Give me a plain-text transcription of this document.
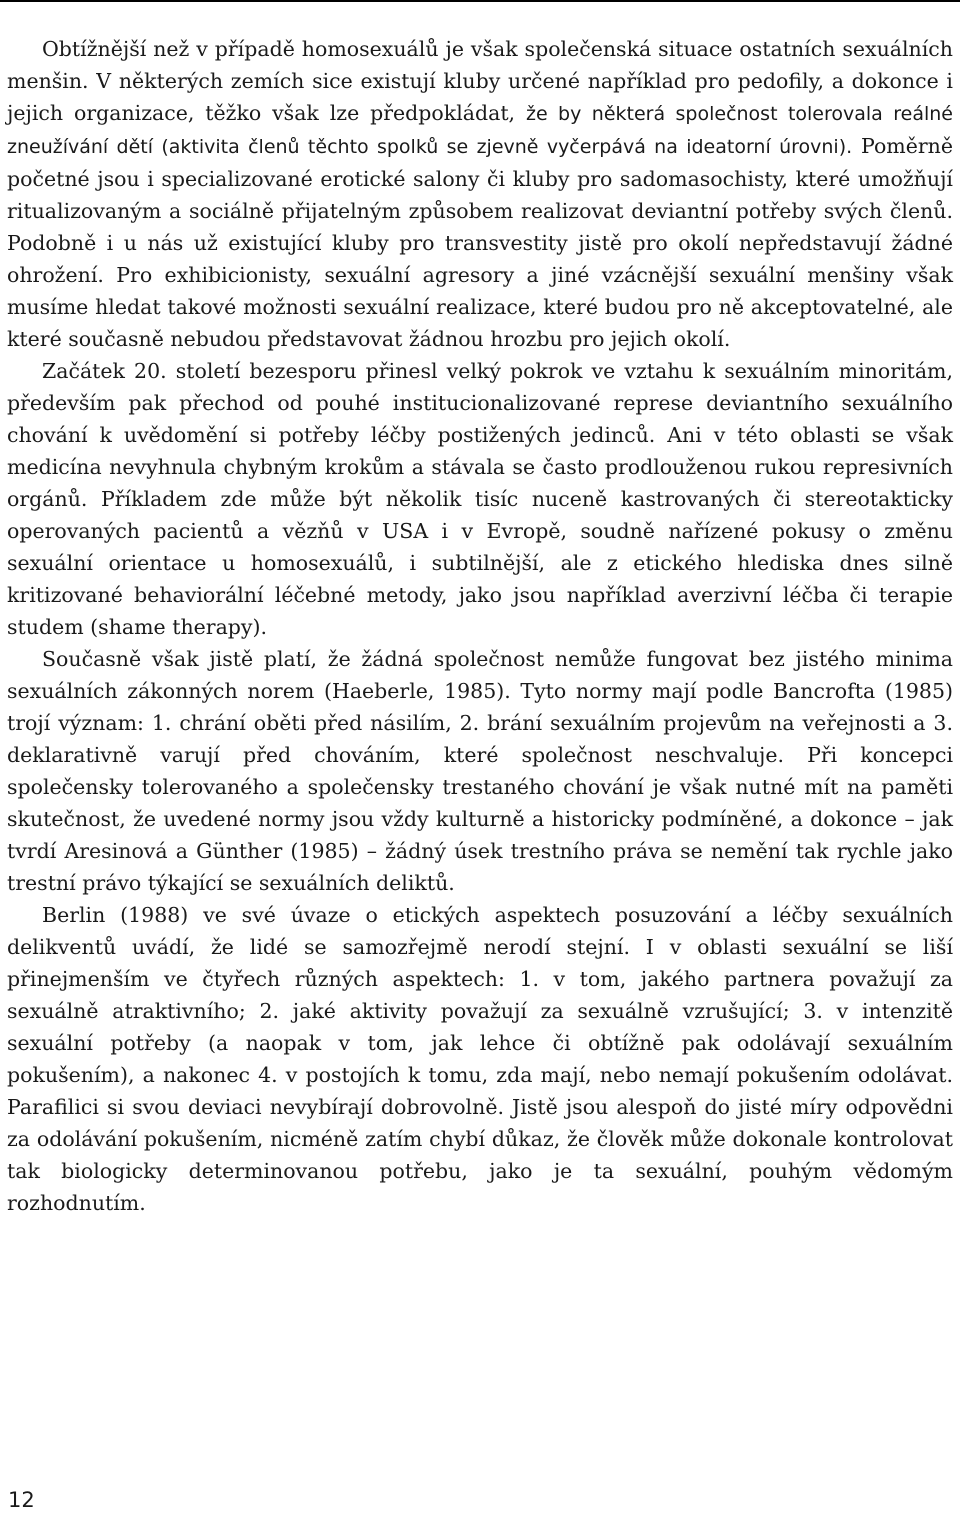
Obtížnější než v případě homosexuálů je však společenská situace ostatních sexuálních menšin. V některých zemích sice existují kluby určené například pro pedofily, a dokonce i jejich organizace, těžko však lze předpokládat, že by některá společnost tolerovala reálné zneužívání dětí (aktivita členů těchto spolků se zjevně vyčerpává na ideatorní úrovni). Poměrně početné jsou i specializované erotické salony či kluby pro sadomasochisty, které umožňují ritualizovaným a sociálně přijatelným způsobem realizovat deviantní potřeby svých členů. Podobně i u nás už existující kluby pro transvestity jistě pro okolí nepředstavují žádné ohrožení. Pro exhibicionisty, sexuální agresory a jiné vzácnější sexuální menšiny však musíme hledat takové možnosti sexuální realizace, které budou pro ně akceptovatelné, ale které současně nebudou představovat žádnou hrozbu pro jejich okolí.

Začátek 20. století bezesporu přinesl velký pokrok ve vztahu k sexuálním minoritám, především pak přechod od pouhé institucionalizované represe deviantního sexuálního chování k uvědomění si potřeby léčby postižených jedinců. Ani v této oblasti se však medicína nevyhnula chybným krokům a stávala se často prodlouženou rukou represivních orgánů. Příkladem zde může být několik tisíc nuceně kastrovaných či stereotakticky operovaných pacientů a vězňů v USA i v Evropě, soudně nařízené pokusy o změnu sexuální orientace u homosexuálů, i subtilnější, ale z etického hlediska dnes silně kritizované behaviorální léčebné metody, jako jsou například averzivní léčba či terapie studem (shame therapy).

Současně však jistě platí, že žádná společnost nemůže fungovat bez jistého minima sexuálních zákonných norem (Haeberle, 1985). Tyto normy mají podle Bancrofta (1985) trojí význam: 1. chrání oběti před násilím, 2. brání sexuálním projevům na veřejnosti a 3. deklarativně varují před chováním, které společnost neschvaluje. Při koncepci společensky tolerovaného a společensky trestaného chování je však nutné mít na paměti skutečnost, že uvedené normy jsou vždy kulturně a historicky podmíněné, a dokonce – jak tvrdí Aresinová a Günther (1985) – žádný úsek trestního práva se nemění tak rychle jako trestní právo týkající se sexuálních deliktů.

Berlin (1988) ve své úvaze o etických aspektech posuzování a léčby sexuálních delikventů uvádí, že lidé se samozřejmě nerodí stejní. I v oblasti sexuální se liší přinejmenším ve čtyřech různých aspektech: 1. v tom, jakého partnera považují za sexuálně atraktivního; 2. jaké aktivity považují za sexuálně vzrušující; 3. v intenzitě sexuální potřeby (a naopak v tom, jak lehce či obtížně pak odolávají sexuálním pokušením), a nakonec 4. v postojích k tomu, zda mají, nebo nemají pokušením odolávat. Parafilici si svou deviaci nevybírají dobrovolně. Jistě jsou alespoň do jisté míry odpovědni za odolávání pokušením, nicméně zatím chybí důkaz, že člověk může dokonale kontrolovat tak biologicky determinovanou potřebu, jako je ta sexuální, pouhým vědomým rozhodnutím.

12
